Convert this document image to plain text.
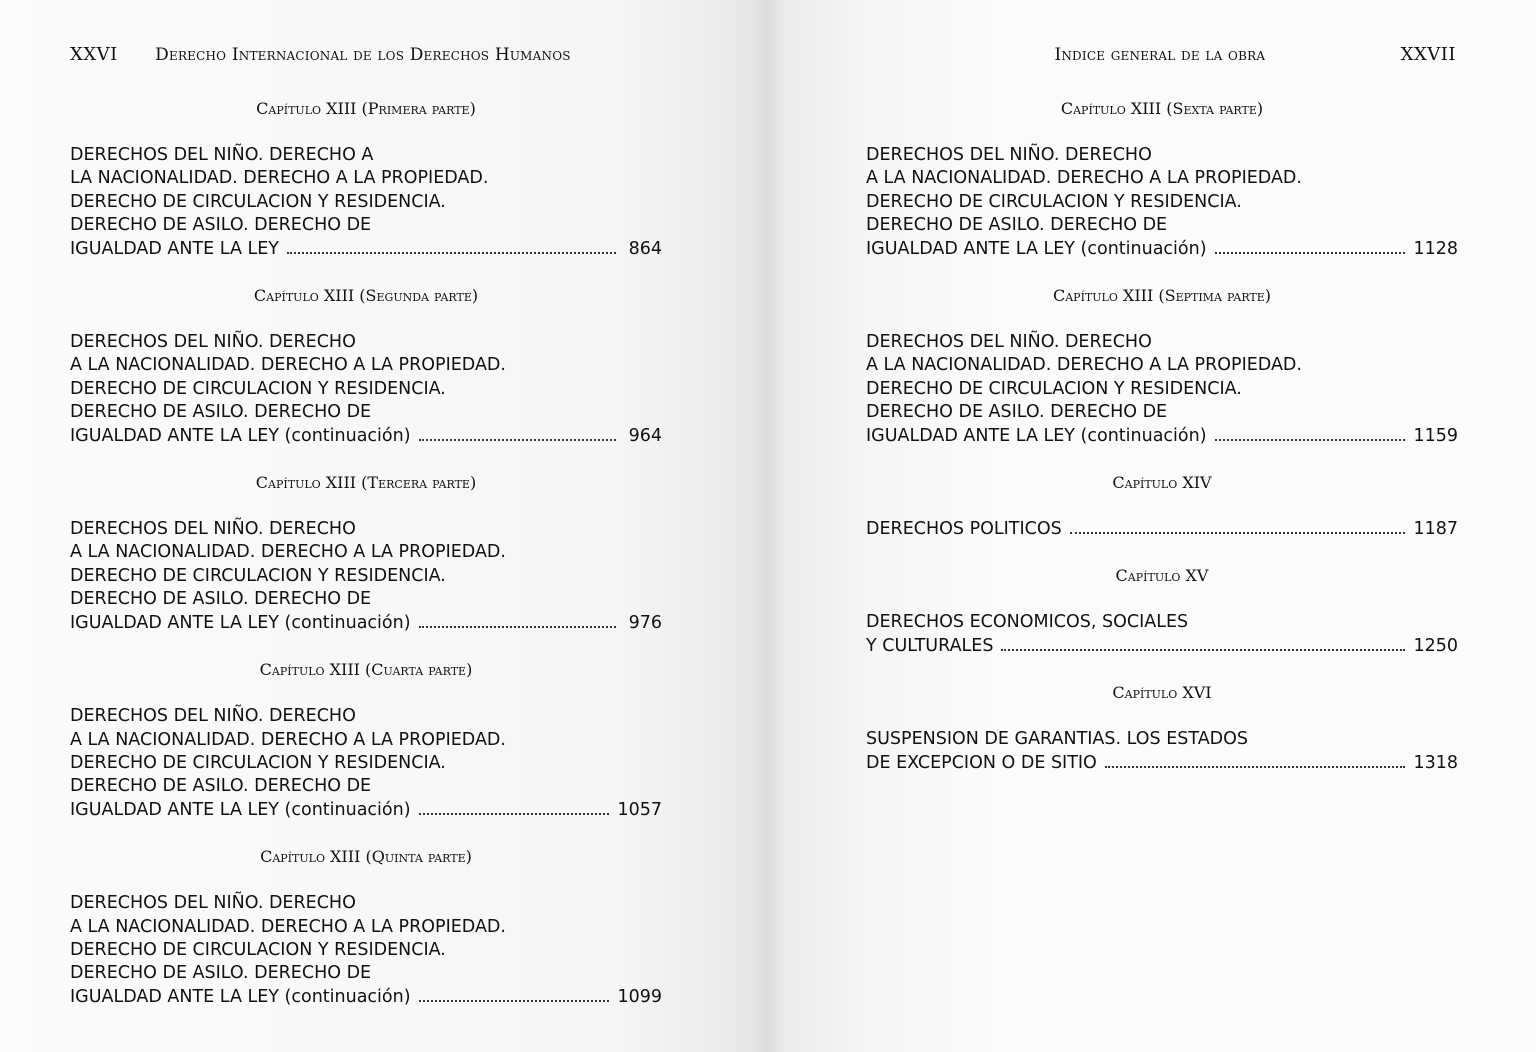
XXVI Derecho Internacional de los Derechos Humanos
Capítulo XIII (Primera parte)
DERECHOS DEL NIÑO. DERECHO A
LA NACIONALIDAD. DERECHO A LA PROPIEDAD.
DERECHO DE CIRCULACION Y RESIDENCIA.
DERECHO DE ASILO. DERECHO DE
IGUALDAD ANTE LA LEY	864
Capítulo XIII (Segunda parte)
DERECHOS DEL NIÑO. DERECHO
A LA NACIONALIDAD. DERECHO A LA PROPIEDAD.
DERECHO DE CIRCULACION Y RESIDENCIA.
DERECHO DE ASILO. DERECHO DE
IGUALDAD ANTE LA LEY (continuación)	964
Capítulo XIII (Tercera parte)
DERECHOS DEL NIÑO. DERECHO
A LA NACIONALIDAD. DERECHO A LA PROPIEDAD.
DERECHO DE CIRCULACION Y RESIDENCIA.
DERECHO DE ASILO. DERECHO DE
IGUALDAD ANTE LA LEY (continuación)	976
Capítulo XIII (Cuarta parte)
DERECHOS DEL NIÑO. DERECHO
A LA NACIONALIDAD. DERECHO A LA PROPIEDAD.
DERECHO DE CIRCULACION Y RESIDENCIA.
DERECHO DE ASILO. DERECHO DE
IGUALDAD ANTE LA LEY (continuación)	1057
Capítulo XIII (Quinta parte)
DERECHOS DEL NIÑO. DERECHO
A LA NACIONALIDAD. DERECHO A LA PROPIEDAD.
DERECHO DE CIRCULACION Y RESIDENCIA.
DERECHO DE ASILO. DERECHO DE
IGUALDAD ANTE LA LEY (continuación)	1099
Indice general de la obra	XXVII
Capítulo XIII (Sexta parte)
DERECHOS DEL NIÑO. DERECHO
A LA NACIONALIDAD. DERECHO A LA PROPIEDAD.
DERECHO DE CIRCULACION Y RESIDENCIA.
DERECHO DE ASILO. DERECHO DE
IGUALDAD ANTE LA LEY (continuación)	1128
Capítulo XIII (Septima parte)
DERECHOS DEL NIÑO. DERECHO
A LA NACIONALIDAD. DERECHO A LA PROPIEDAD.
DERECHO DE CIRCULACION Y RESIDENCIA.
DERECHO DE ASILO. DERECHO DE
IGUALDAD ANTE LA LEY (continuación)	1159
Capítulo XIV
DERECHOS POLITICOS	1187
Capítulo XV
DERECHOS ECONOMICOS, SOCIALES
Y CULTURALES	1250
Capítulo XVI
SUSPENSION DE GARANTIAS. LOS ESTADOS
DE EXCEPCION O DE SITIO	1318
